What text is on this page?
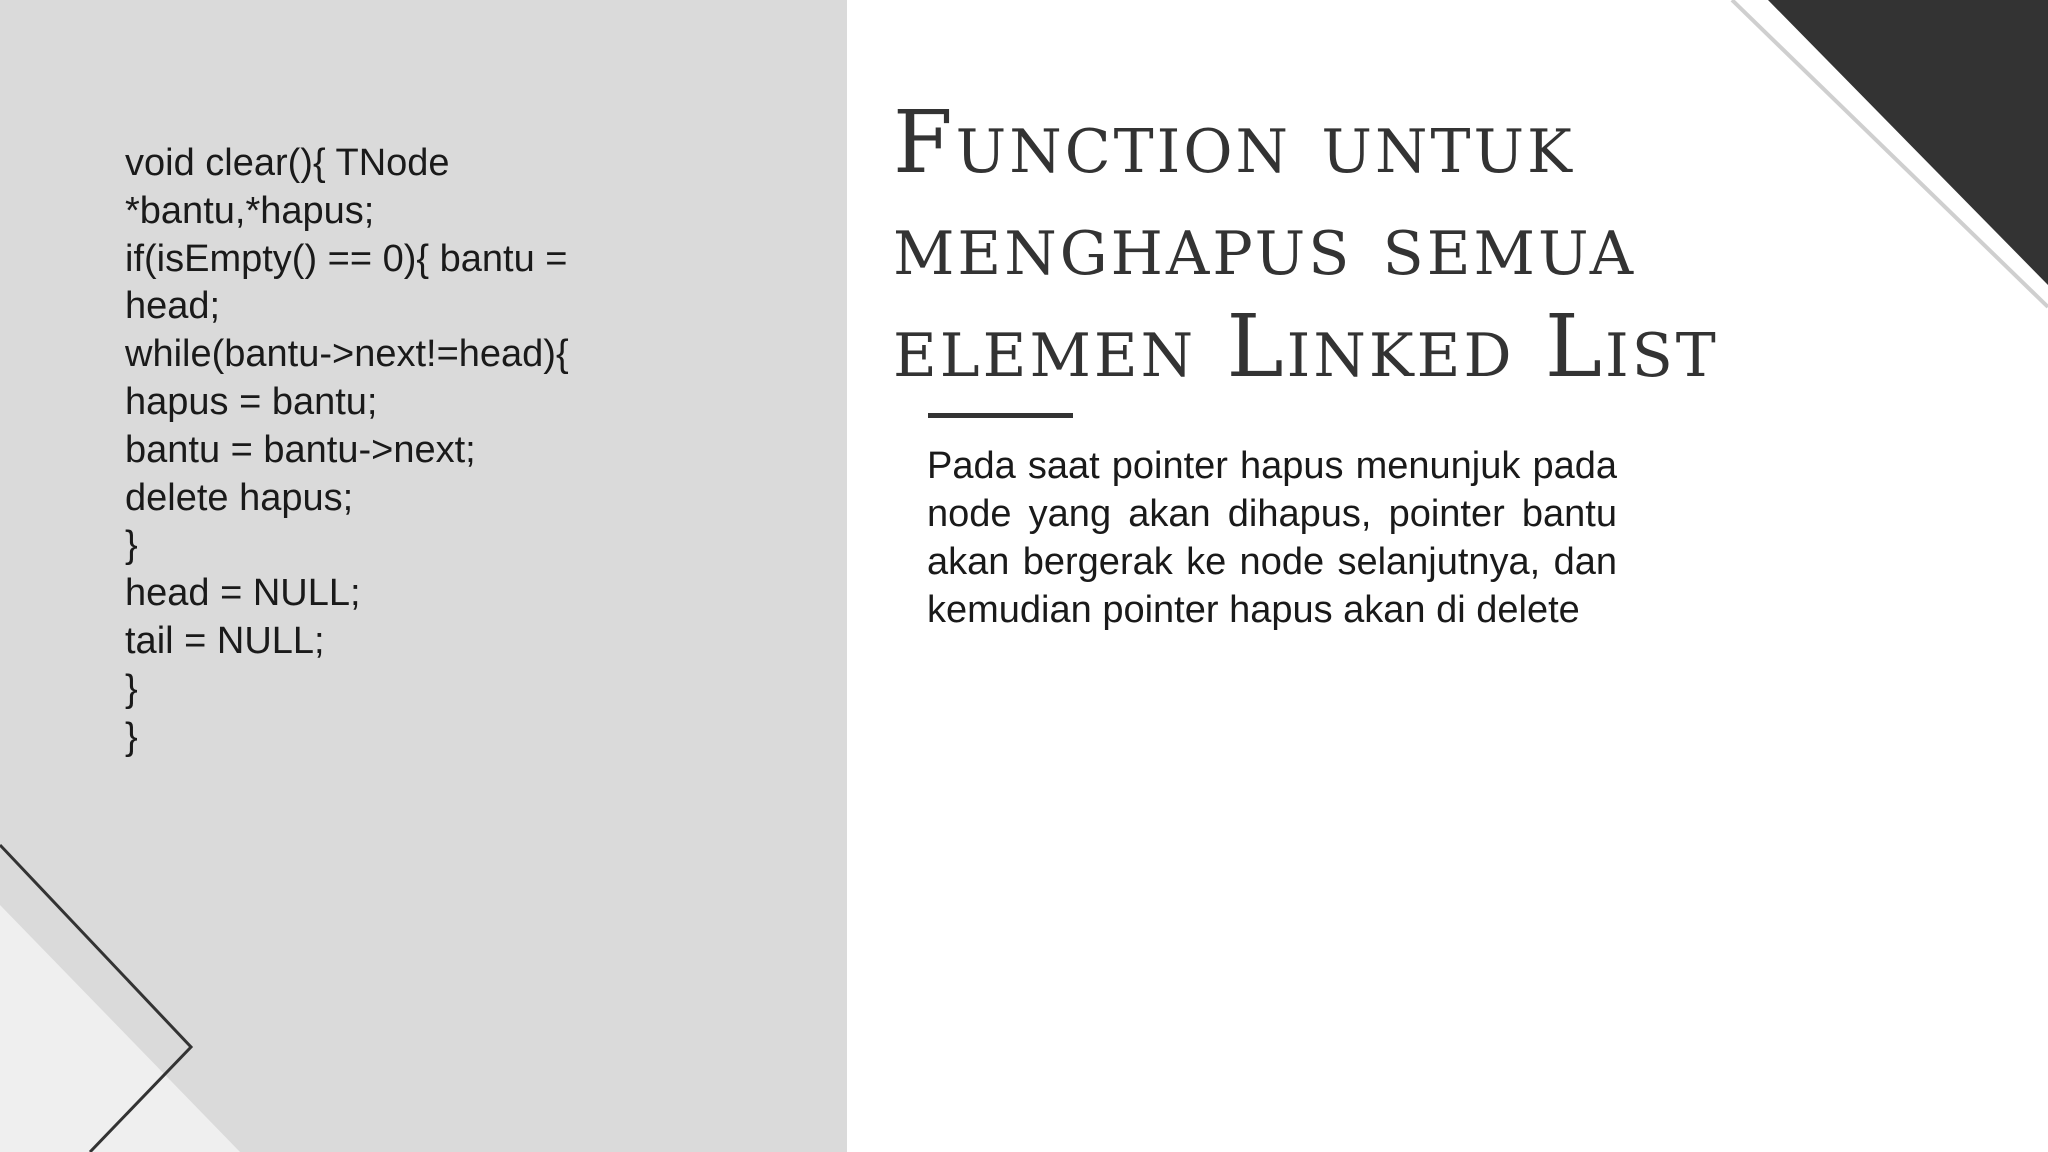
void clear(){ TNode
*bantu,*hapus;
if(isEmpty() == 0){ bantu =
head;
while(bantu->next!=head){
hapus = bantu;
bantu = bantu->next;
delete hapus;
}
head = NULL;
tail = NULL;
}
}
Function untuk
menghapus semua
elemen Linked List

Pada saat pointer hapus menunjuk pada node yang akan dihapus, pointer bantu akan bergerak ke node selanjutnya, dan kemudian pointer hapus akan di delete
